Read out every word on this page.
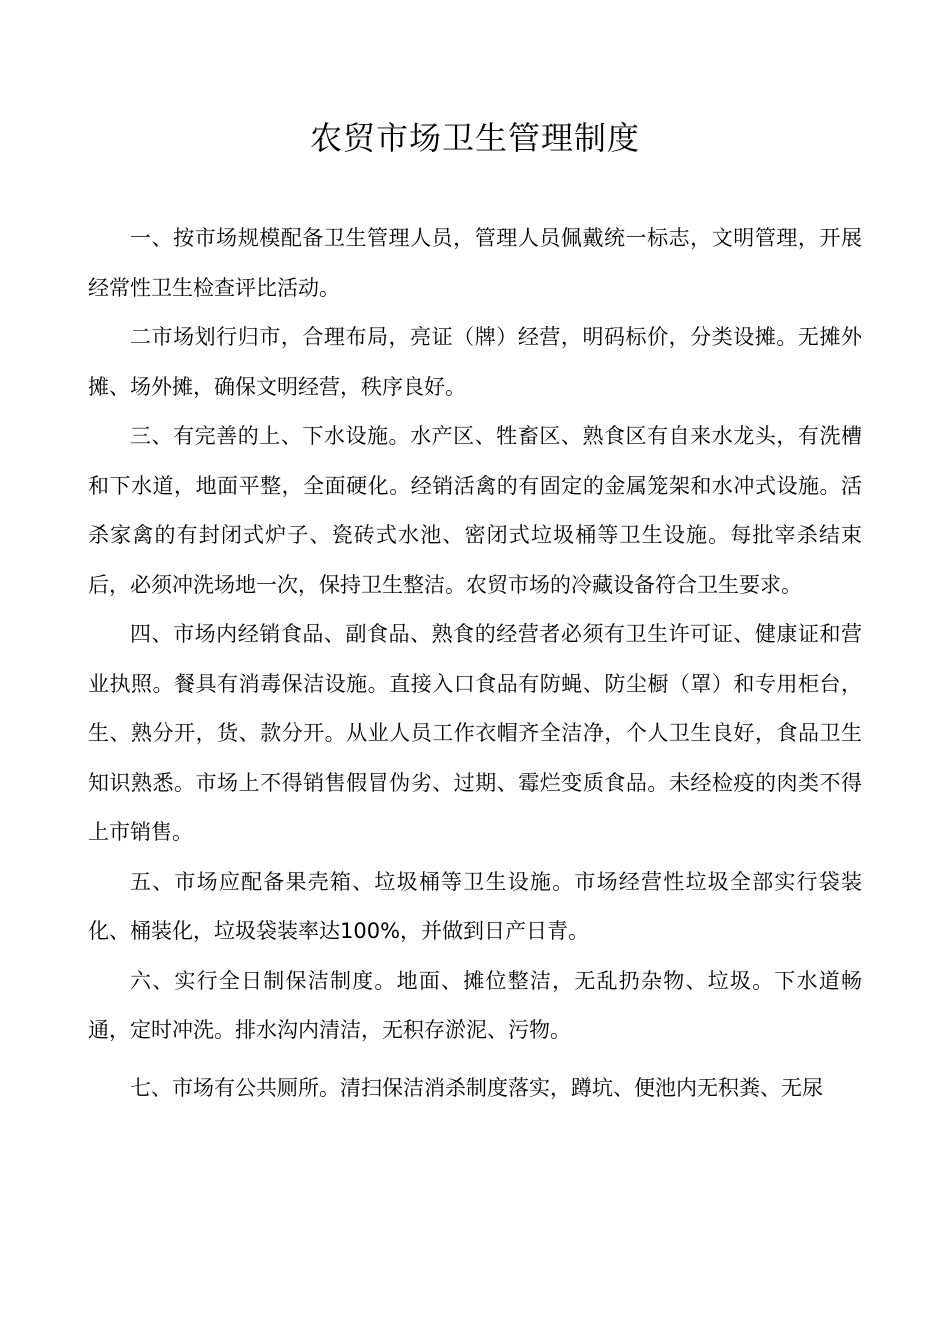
农贸市场卫生管理制度

一、按市场规模配备卫生管理人员，管理人员佩戴统一标志，文明管理，开展经常性卫生检查评比活动。

二市场划行归市，合理布局，亮证（牌）经营，明码标价，分类设摊。无摊外摊、场外摊，确保文明经营，秩序良好。

三、有完善的上、下水设施。水产区、牲畜区、熟食区有自来水龙头，有洗槽和下水道，地面平整，全面硬化。经销活禽的有固定的金属笼架和水冲式设施。活杀家禽的有封闭式炉子、瓷砖式水池、密闭式垃圾桶等卫生设施。每批宰杀结束后，必须冲洗场地一次，保持卫生整洁。农贸市场的冷藏设备符合卫生要求。

四、市场内经销食品、副食品、熟食的经营者必须有卫生许可证、健康证和营业执照。餐具有消毒保洁设施。直接入口食品有防蝇、防尘橱（罩）和专用柜台，生、熟分开，货、款分开。从业人员工作衣帽齐全洁净，个人卫生良好，食品卫生知识熟悉。市场上不得销售假冒伪劣、过期、霉烂变质食品。未经检疫的肉类不得上市销售。

五、市场应配备果壳箱、垃圾桶等卫生设施。市场经营性垃圾全部实行袋装化、桶装化，垃圾袋装率达100%，并做到日产日青。

六、实行全日制保洁制度。地面、摊位整洁，无乱扔杂物、垃圾。下水道畅通，定时冲洗。排水沟内清洁，无积存淤泥、污物。

七、市场有公共厕所。清扫保洁消杀制度落实，蹲坑、便池内无积粪、无尿
